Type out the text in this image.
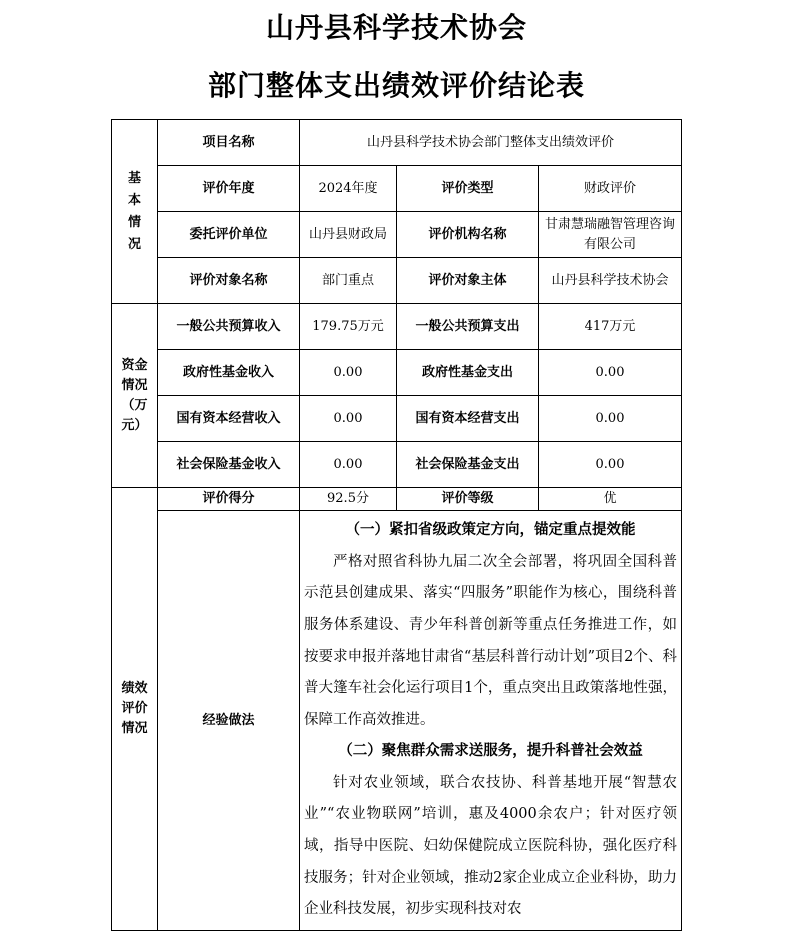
山丹县科学技术协会
部门整体支出绩效评价结论表
基本情况	项目名称	山丹县科学技术协会部门整体支出绩效评价		
	评价年度	2024年度	评价类型	财政评价
	委托评价单位	山丹县财政局	评价机构名称	甘肃慧瑞融智管理咨询有限公司
	评价对象名称	部门重点	评价对象主体	山丹县科学技术协会
资金情况（万元）	一般公共预算收入	179.75万元	一般公共预算支出	417万元
	政府性基金收入	0.00	政府性基金支出	0.00
	国有资本经营收入	0.00	国有资本经营支出	0.00
	社会保险基金收入	0.00	社会保险基金支出	0.00
绩效评价情况	评价得分	92.5分	评价等级	优
	经验做法	（一）紧扣省级政策定方向，锚定重点提效能
严格对照省科协九届二次全会部署，将巩固全国科普示范县创建成果、落实“四服务”职能作为核心，围绕科普服务体系建设、青少年科普创新等重点任务推进工作，如按要求申报并落地甘肃省“基层科普行动计划”项目2个、科普大篷车社会化运行项目1个，重点突出且政策落地性强，保障工作高效推进。
（二）聚焦群众需求送服务，提升科普社会效益
针对农业领域，联合农技协、科普基地开展“智慧农业”“农业物联网”培训，惠及4000余农户；针对医疗领域，指导中医院、妇幼保健院成立医院科协，强化医疗科技服务；针对企业领域，推动2家企业成立企业科协，助力企业科技发展，初步实现科技对农		
